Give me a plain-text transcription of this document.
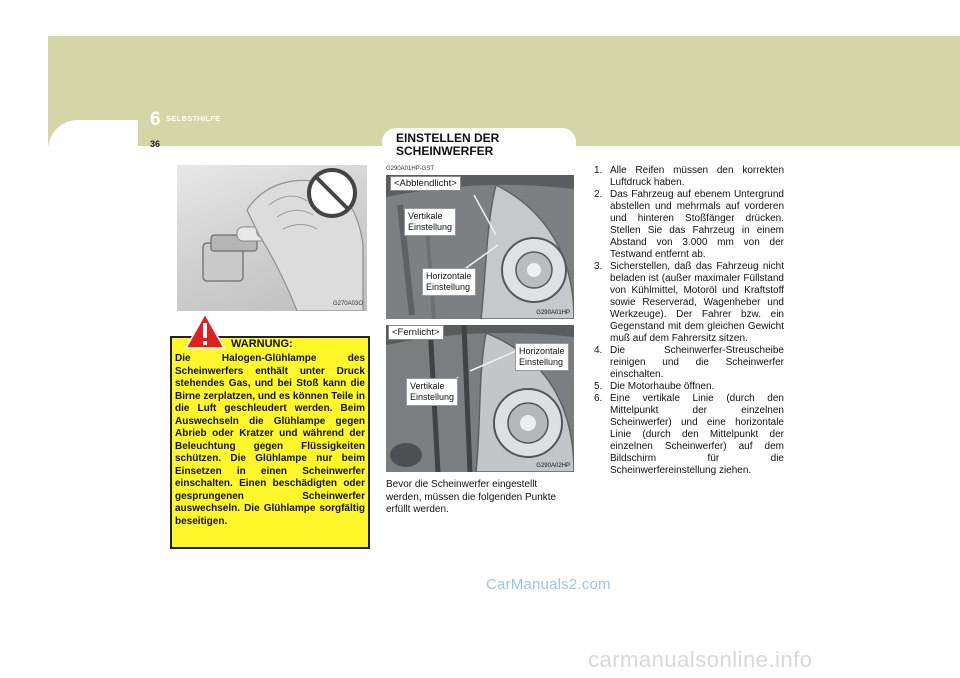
6 SELBSTHILFE
36	EINSTELLEN DER SCHEINWERFER
G270A03O
WARNUNG:
Die Halogen-Glühlampe des Scheinwerfers enthält unter Druck stehendes Gas, und bei Stoß kann die Birne zerplatzen, und es können Teile in die Luft geschleudert werden. Beim Auswechseln die Glühlampe gegen Abrieb oder Kratzer und während der Beleuchtung gegen Flüssigkeiten schützen. Die Glühlampe nur beim Einsetzen in einen Scheinwerfer einschalten. Einen beschädigten oder gesprungenen Scheinwerfer auswechseln. Die Glühlampe sorgfältig beseitigen.
G290A01HP-GST
<Abblendlicht>
Vertikale
Einstellung
Horizontale
Einstellung
G290A01HP
<Fernlicht>
Horizontale
Einstellung
Vertikale
Einstellung
G290A02HP
Bevor die Scheinwerfer eingestellt werden, müssen die folgenden Punkte erfüllt werden.
1. Alle Reifen müssen den korrekten Luftdruck haben.
2. Das Fahrzeug auf ebenem Untergrund abstellen und mehrmals auf vorderen und hinteren Stoßfänger drücken. Stellen Sie das Fahrzeug in einem Abstand von 3.000 mm von der Testwand entfernt ab.
3. Sicherstellen, daß das Fahrzeug nicht beladen ist (außer maximaler Füllstand von Kühlmittel, Motoröl und Kraftstoff sowie Reserverad, Wagenheber und Werkzeuge). Der Fahrer bzw. ein Gegenstand mit dem gleichen Gewicht muß auf dem Fahrersitz sitzen.
4. Die Scheinwerfer-Streuscheibe reinigen und die Scheinwerfer einschalten.
5. Die Motorhaube öffnen.
6. Eine vertikale Linie (durch den Mittelpunkt der einzelnen Scheinwerfer) und eine horizontale Linie (durch den Mittelpunkt der einzelnen Scheinwerfer) auf dem Bildschirm für die Scheinwerfereinstellung ziehen.
CarManuals2.com
carmanualsonline.info
